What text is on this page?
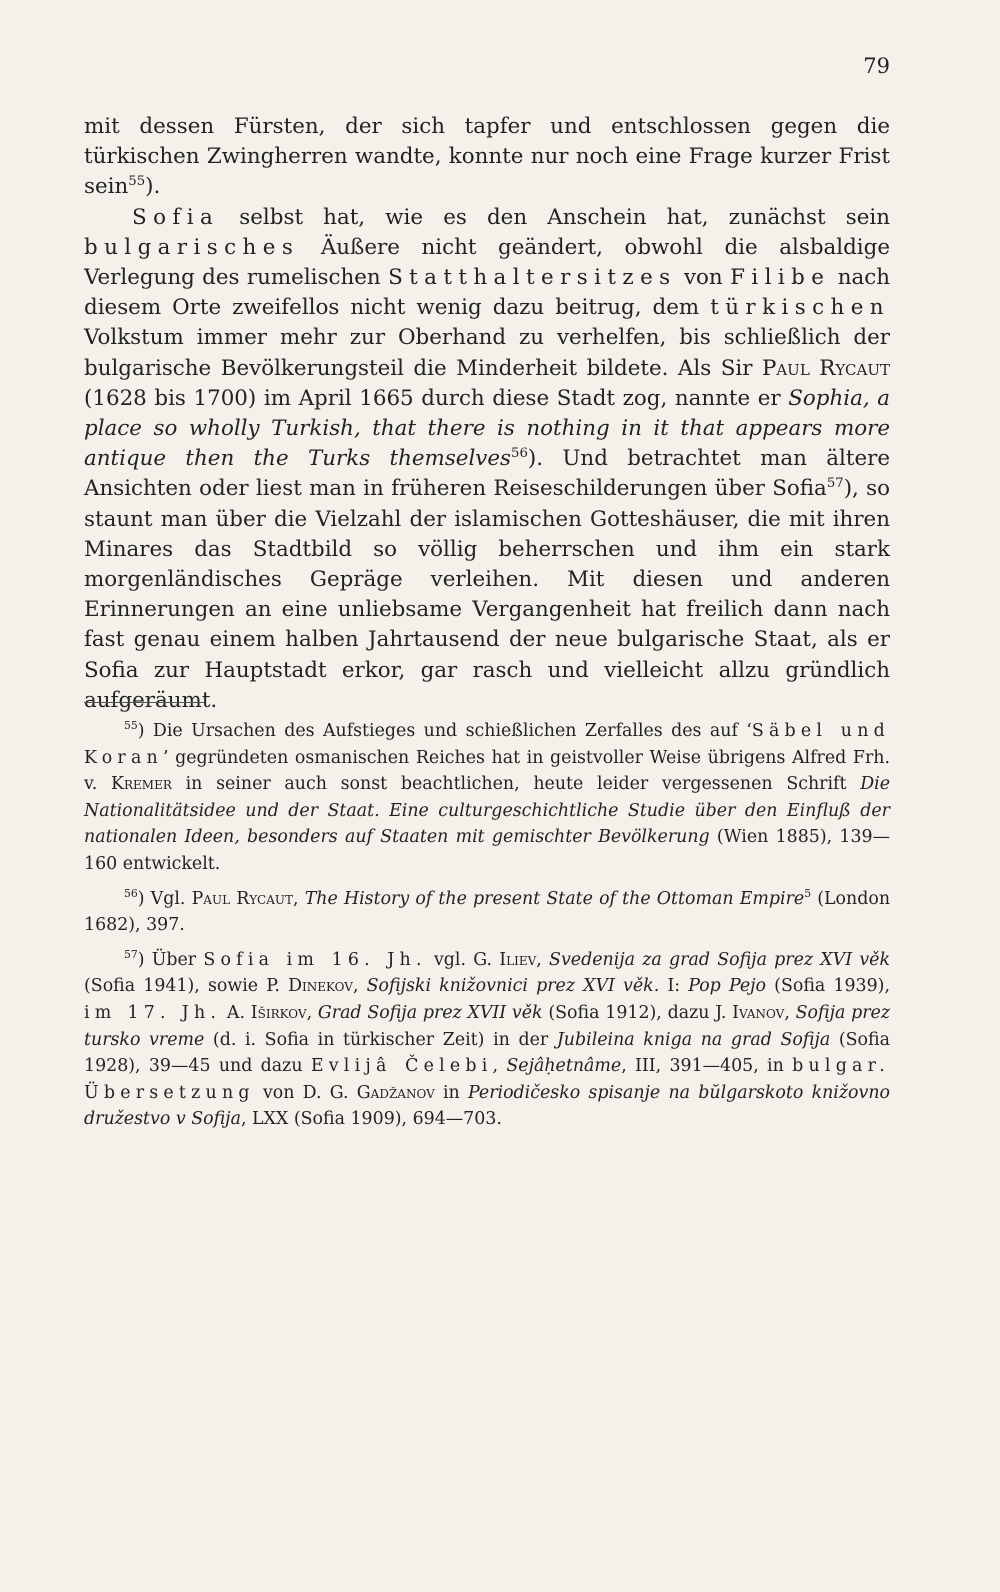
79

mit dessen Fürsten, der sich tapfer und entschlossen gegen die türkischen Zwingherren wandte, konnte nur noch eine Frage kurzer Frist sein$^{55}$).

Sofia selbst hat, wie es den Anschein hat, zunächst sein bulgarisches Äußere nicht geändert, obwohl die alsbaldige Verlegung des rumelischen Statthaltersitzes von Filibe nach diesem Orte zweifellos nicht wenig dazu beitrug, dem türkischen Volkstum immer mehr zur Oberhand zu verhelfen, bis schließlich der bulgarische Bevölkerungsteil die Minderheit bildete. Als Sir Paul Rycaut (1628 bis 1700) im April 1665 durch diese Stadt zog, nannte er Sophia, a place so wholly Turkish, that there is nothing in it that appears more antique then the Turks themselves$^{56}$). Und betrachtet man ältere Ansichten oder liest man in früheren Reiseschilderungen über Sofia$^{57}$), so staunt man über die Vielzahl der islamischen Gotteshäuser, die mit ihren Minares das Stadtbild so völlig beherrschen und ihm ein stark morgenländisches Gepräge verleihen. Mit diesen und anderen Erinnerungen an eine unliebsame Vergangenheit hat freilich dann nach fast genau einem halben Jahrtausend der neue bulgarische Staat, als er Sofia zur Hauptstadt erkor, gar rasch und vielleicht allzu gründlich aufgeräumt.

$^{55}$) Die Ursachen des Aufstieges und schießlichen Zerfalles des auf ‘Säbel und Koran’ gegründeten osmanischen Reiches hat in geistvoller Weise übrigens Alfred Frh. v. Kremer in seiner auch sonst beachtlichen, heute leider vergessenen Schrift Die Nationalitätsidee und der Staat. Eine culturgeschichtliche Studie über den Einfluß der nationalen Ideen, besonders auf Staaten mit gemischter Bevölkerung (Wien 1885), 139—160 entwickelt.

$^{56}$) Vgl. Paul Rycaut, The History of the present State of the Ottoman Empire$^5$ (London 1682), 397.

$^{57}$) Über Sofia im 16. Jh. vgl. G. Iliev, Svedenija za grad Sofija prez XVI věk (Sofia 1941), sowie P. Dinekov, Sofijski knižovnici prez XVI věk. I: Pop Pejo (Sofia 1939), im 17. Jh. A. Iširkov, Grad Sofija prez XVII věk (Sofia 1912), dazu J. Ivanov, Sofija prez tursko vreme (d. i. Sofia in türkischer Zeit) in der Jubileina kniga na grad Sofija (Sofia 1928), 39—45 und dazu Evlijâ Čelebi, Sejâḥetnâme, III, 391—405, in bulgar. Übersetzung von D. G. Gadžanov in Periodičesko spisanje na bŭlgarskoto knižovno družestvo v Sofija, LXX (Sofia 1909), 694—703.
